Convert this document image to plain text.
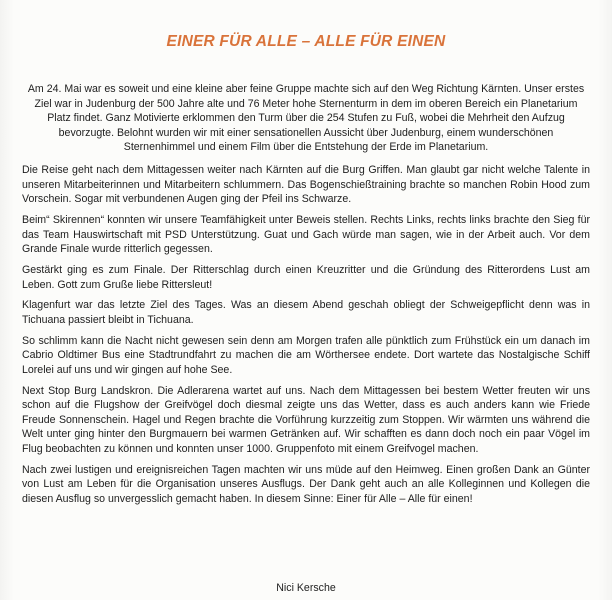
EINER FÜR ALLE – ALLE FÜR EINEN

Am 24. Mai war es soweit und eine kleine aber feine Gruppe machte sich auf den Weg Richtung Kärnten. Unser erstes Ziel war in Judenburg der 500 Jahre alte und 76 Meter hohe Sternenturm in dem im oberen Bereich ein Planetarium Platz findet. Ganz Motivierte erklommen den Turm über die 254 Stufen zu Fuß, wobei die Mehrheit den Aufzug bevorzugte. Belohnt wurden wir mit einer sensationellen Aussicht über Judenburg, einem wunderschönen Sternenhimmel und einem Film über die Entstehung der Erde im Planetarium.

Die Reise geht nach dem Mittagessen weiter nach Kärnten auf die Burg Griffen. Man glaubt gar nicht welche Talente in unseren Mitarbeiterinnen und Mitarbeitern schlummern. Das Bogenschießtraining brachte so manchen Robin Hood zum Vorschein. Sogar mit verbundenen Augen ging der Pfeil ins Schwarze.

Beim“ Skirennen“ konnten wir unsere Teamfähigkeit unter Beweis stellen. Rechts Links, rechts links brachte den Sieg für das Team Hauswirtschaft mit PSD Unterstützung. Guat und Gach würde man sagen, wie in der Arbeit auch. Vor dem Grande Finale wurde ritterlich gegessen.

Gestärkt ging es zum Finale. Der Ritterschlag durch einen Kreuzritter und die Gründung des Ritterordens Lust am Leben. Gott zum Gruße liebe Rittersleut!

Klagenfurt war das letzte Ziel des Tages. Was an diesem Abend geschah obliegt der Schweigepflicht denn was in Tichuana passiert bleibt in Tichuana.

So schlimm kann die Nacht nicht gewesen sein denn am Morgen trafen alle pünktlich zum Frühstück ein um danach im Cabrio Oldtimer Bus eine Stadtrundfahrt zu machen die am Wörthersee endete. Dort wartete das Nostalgische Schiff Lorelei auf uns und wir gingen auf hohe See.

Next Stop Burg Landskron. Die Adlerarena wartet auf uns. Nach dem Mittagessen bei bestem Wetter freuten wir uns schon auf die Flugshow der Greifvögel doch diesmal zeigte uns das Wetter, dass es auch anders kann wie Friede Freude Sonnenschein. Hagel und Regen brachte die Vorführung kurzzeitig zum Stoppen. Wir wärmten uns während die Welt unter ging hinter den Burgmauern bei warmen Getränken auf. Wir schafften es dann doch noch ein paar Vögel im Flug beobachten zu können und konnten unser 1000. Gruppenfoto mit einem Greifvogel machen.

Nach zwei lustigen und ereignisreichen Tagen machten wir uns müde auf den Heimweg. Einen großen Dank an Günter von Lust am Leben für die Organisation unseres Ausflugs. Der Dank geht auch an alle Kolleginnen und Kollegen die diesen Ausflug so unvergesslich gemacht haben. In diesem Sinne: Einer für Alle – Alle für einen!

Nici Kersche
